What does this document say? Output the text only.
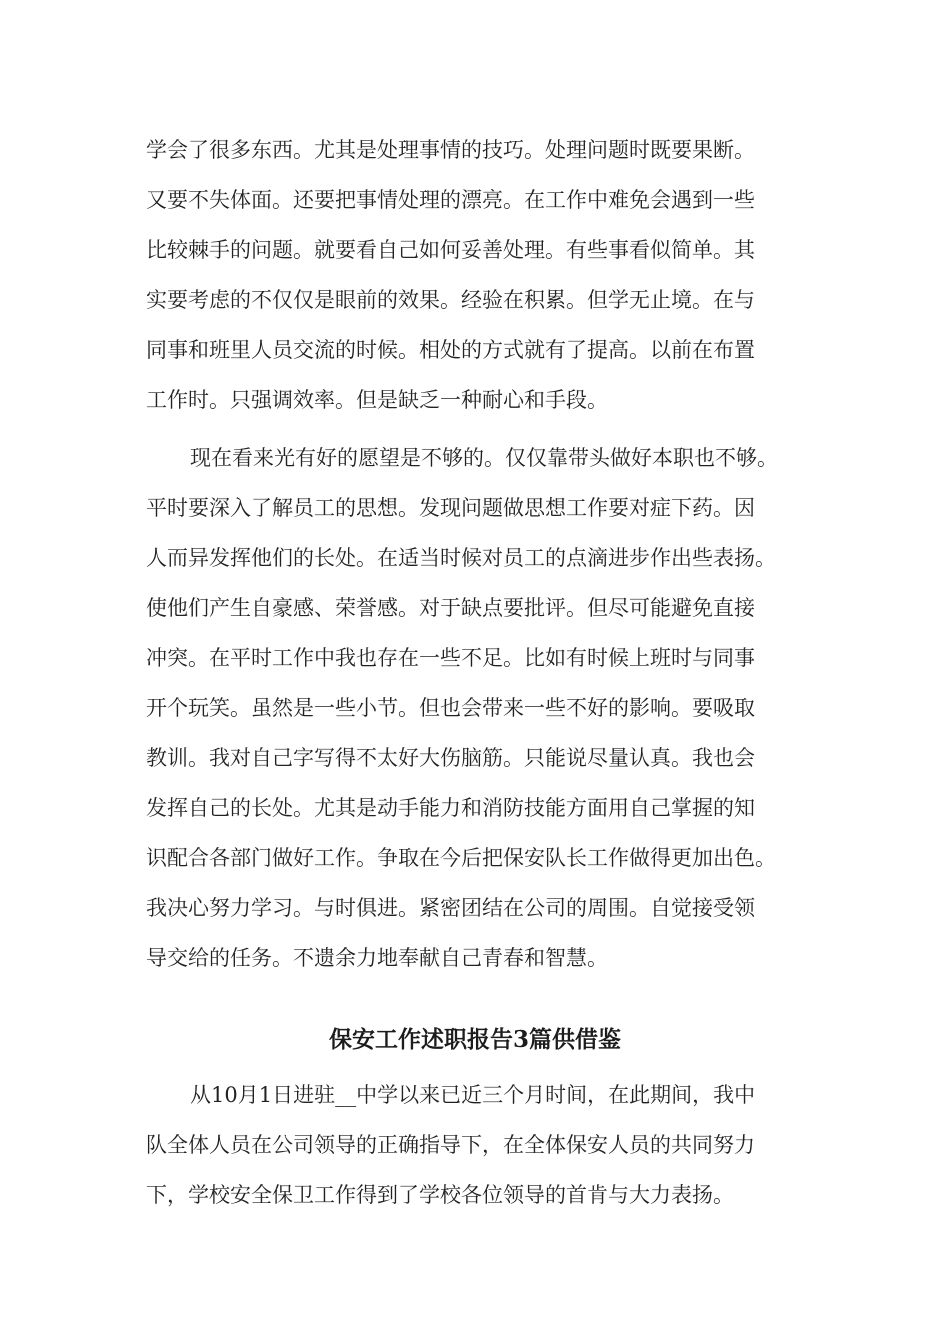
学会了很多东西。尤其是处理事情的技巧。处理问题时既要果断。
又要不失体面。还要把事情处理的漂亮。在工作中难免会遇到一些
比较棘手的问题。就要看自己如何妥善处理。有些事看似简单。其
实要考虑的不仅仅是眼前的效果。经验在积累。但学无止境。在与
同事和班里人员交流的时候。相处的方式就有了提高。以前在布置
工作时。只强调效率。但是缺乏一种耐心和手段。
现在看来光有好的愿望是不够的。仅仅靠带头做好本职也不够。
平时要深入了解员工的思想。发现问题做思想工作要对症下药。因
人而异发挥他们的长处。在适当时候对员工的点滴进步作出些表扬。
使他们产生自豪感、荣誉感。对于缺点要批评。但尽可能避免直接
冲突。在平时工作中我也存在一些不足。比如有时候上班时与同事
开个玩笑。虽然是一些小节。但也会带来一些不好的影响。要吸取
教训。我对自己字写得不太好大伤脑筋。只能说尽量认真。我也会
发挥自己的长处。尤其是动手能力和消防技能方面用自己掌握的知
识配合各部门做好工作。争取在今后把保安队长工作做得更加出色。
我决心努力学习。与时俱进。紧密团结在公司的周围。自觉接受领
导交给的任务。不遗余力地奉献自己青春和智慧。
保安工作述职报告3篇供借鉴
从10月1日进驻__中学以来已近三个月时间，在此期间，我中
队全体人员在公司领导的正确指导下，在全体保安人员的共同努力
下，学校安全保卫工作得到了学校各位领导的首肯与大力表扬。
